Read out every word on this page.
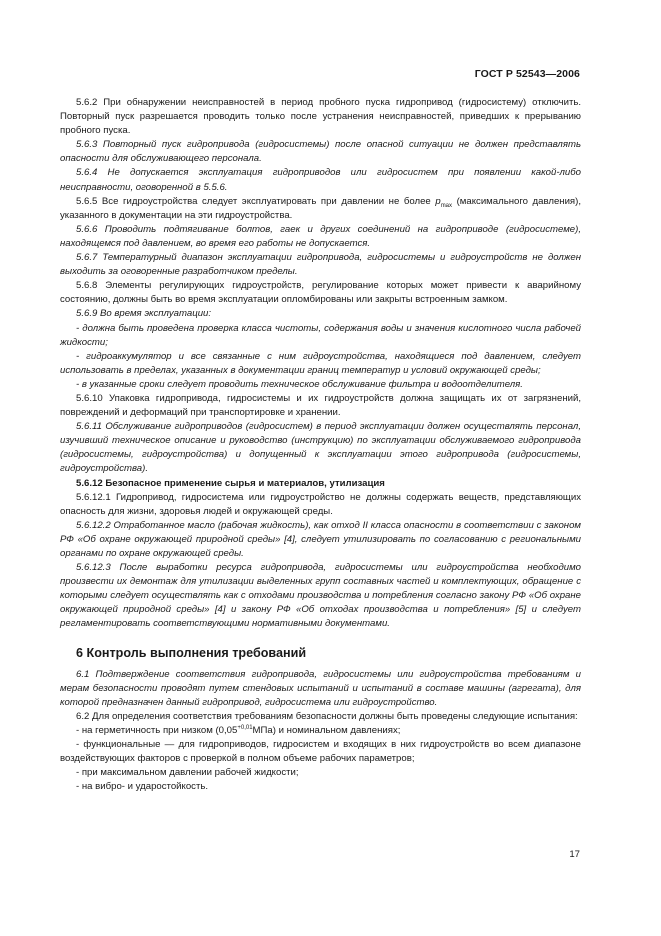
ГОСТ Р 52543—2006

5.6.2 При обнаружении неисправностей в период пробного пуска гидропривод (гидросистему) отключить. Повторный пуск разрешается проводить только после устранения неисправностей, приведших к прерыванию пробного пуска.

5.6.3 Повторный пуск гидропривода (гидросистемы) после опасной ситуации не должен представлять опасности для обслуживающего персонала.

5.6.4 Не допускается эксплуатация гидроприводов или гидросистем при появлении какой-либо неисправности, оговоренной в 5.5.6.

5.6.5 Все гидроустройства следует эксплуатировать при давлении не более $p_{max}$ (максимального давления), указанного в документации на эти гидроустройства.

5.6.6 Проводить подтягивание болтов, гаек и других соединений на гидроприводе (гидросистеме), находящемся под давлением, во время его работы не допускается.

5.6.7 Температурный диапазон эксплуатации гидропривода, гидросистемы и гидроустройств не должен выходить за оговоренные разработчиком пределы.

5.6.8 Элементы регулирующих гидроустройств, регулирование которых может привести к аварийному состоянию, должны быть во время эксплуатации опломбированы или закрыты встроенным замком.

5.6.9 Во время эксплуатации:

- должна быть проведена проверка класса чистоты, содержания воды и значения кислотного числа рабочей жидкости;

- гидроаккумулятор и все связанные с ним гидроустройства, находящиеся под давлением, следует использовать в пределах, указанных в документации границ температур и условий окружающей среды;

- в указанные сроки следует проводить техническое обслуживание фильтра и водоотделителя.

5.6.10 Упаковка гидропривода, гидросистемы и их гидроустройств должна защищать их от загрязнений, повреждений и деформаций при транспортировке и хранении.

5.6.11 Обслуживание гидроприводов (гидросистем) в период эксплуатации должен осуществлять персонал, изучивший техническое описание и руководство (инструкцию) по эксплуатации обслуживаемого гидропривода (гидросистемы, гидроустройства) и допущенный к эксплуатации этого гидропривода (гидросистемы, гидроустройства).

5.6.12 Безопасное применение сырья и материалов, утилизация

5.6.12.1 Гидропривод, гидросистема или гидроустройство не должны содержать веществ, представляющих опасность для жизни, здоровья людей и окружающей среды.

5.6.12.2 Отработанное масло (рабочая жидкость), как отход II класса опасности в соответствии с законом РФ «Об охране окружающей природной среды» [4], следует утилизировать по согласованию с региональными органами по охране окружающей среды.

5.6.12.3 После выработки ресурса гидропривода, гидросистемы или гидроустройства необходимо произвести их демонтаж для утилизации выделенных групп составных частей и комплектующих, обращение с которыми следует осуществлять как с отходами производства и потребления согласно закону РФ «Об охране окружающей природной среды» [4] и закону РФ «Об отходах производства и потребления» [5] и следует регламентировать соответствующими нормативными документами.

6 Контроль выполнения требований

6.1 Подтверждение соответствия гидропривода, гидросистемы или гидроустройства требованиям и мерам безопасности проводят путем стендовых испытаний и испытаний в составе машины (агрегата), для которой предназначен данный гидропривод, гидросистема или гидроустройство.

6.2 Для определения соответствия требованиям безопасности должны быть проведены следующие испытания:

- на герметичность при низком $(0,05^{+0,01}МПа)$ и номинальном давлениях;

- функциональные — для гидроприводов, гидросистем и входящих в них гидроустройств во всем диапазоне воздействующих факторов с проверкой в полном объеме рабочих параметров;

- при максимальном давлении рабочей жидкости;

- на вибро- и ударостойкость.

17
